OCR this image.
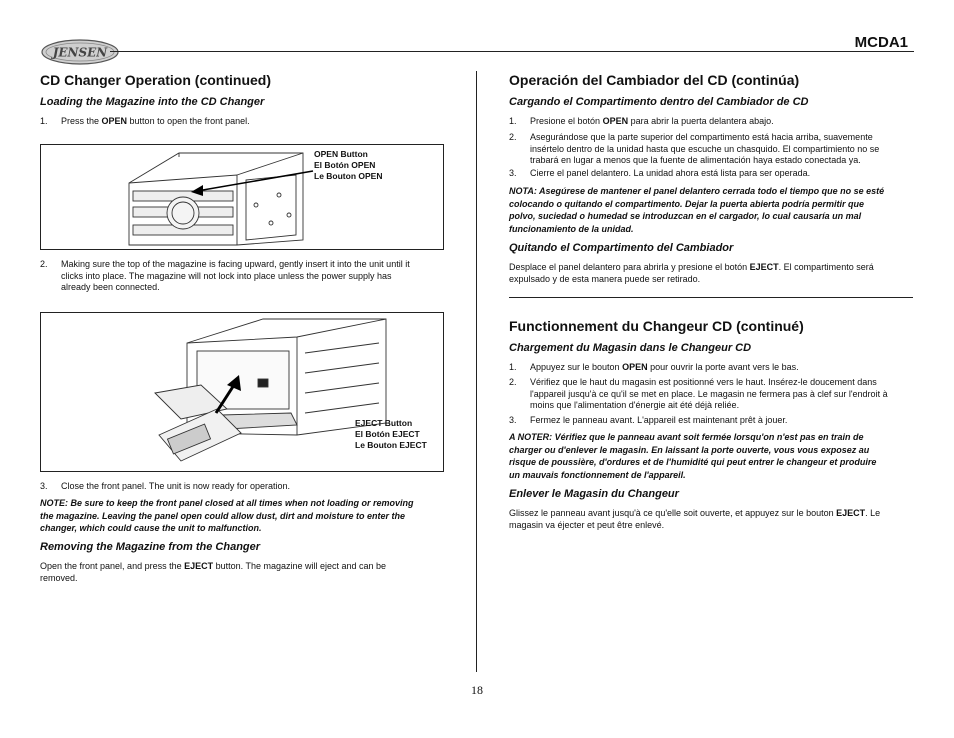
JENSEN
MCDA1
CD Changer Operation (continued)
Loading the Magazine into the CD Changer
1. Press the OPEN button to open the front panel.
OPEN Button
El Botón OPEN
Le Bouton OPEN
2. Making sure the top of the magazine is facing upward, gently insert it into the unit until it
clicks into place. The magazine will not lock into place unless the power supply has
already been connected.
EJECT Button
El Botón EJECT
Le Bouton EJECT
3. Close the front panel. The unit is now ready for operation.
NOTE: Be sure to keep the front panel closed at all times when not loading or removing
the magazine. Leaving the panel open could allow dust, dirt and moisture to enter the
changer, which could cause the unit to malfunction.
Removing the Magazine from the Changer
Open the front panel, and press the EJECT button. The magazine will eject and can be
removed.
Operación del Cambiador del CD (continúa)
Cargando el Compartimento dentro del Cambiador de CD
1. Presione el botón OPEN para abrir la puerta delantera abajo.
2. Asegurándose que la parte superior del compartimento está hacia arriba, suavemente
insértelo dentro de la unidad hasta que escuche un chasquido. El compartimiento no se
trabará en lugar a menos que la fuente de alimentación haya estado conectada ya.
3. Cierre el panel delantero. La unidad ahora está lista para ser operada.
NOTA: Asegúrese de mantener el panel delantero cerrada todo el tiempo que no se esté
colocando o quitando el compartimento. Dejar la puerta abierta podría permitir que
polvo, suciedad o humedad se introduzcan en el cargador, lo cual causaría un mal
funcionamiento de la unidad.
Quitando el Compartimento del Cambiador
Desplace el panel delantero para abrirla y presione el botón EJECT. El compartimento será
expulsado y de esta manera puede ser retirado.
Functionnement du Changeur CD (continué)
Chargement du Magasin dans le Changeur CD
1. Appuyez sur le bouton OPEN pour ouvrir la porte avant vers le bas.
2. Vérifiez que le haut du magasin est positionné vers le haut. Insérez-le doucement dans
l'appareil jusqu'à ce qu'il se met en place. Le magasin ne fermera pas à clef sur l'endroit à
moins que l'alimentation d'énergie ait été déjà reliée.
3. Fermez le panneau avant. L'appareil est maintenant prêt à jouer.
A NOTER: Vérifiez que le panneau avant soit fermée lorsqu'on n'est pas en train de
charger ou d'enlever le magasin. En laissant la porte ouverte, vous vous exposez au
risque de poussière, d'ordures et de l'humidité qui peut entrer le changeur et produire
un mauvais fonctionnement de l'appareil.
Enlever le Magasin du Changeur
Glissez le panneau avant jusqu'à ce qu'elle soit ouverte, et appuyez sur le bouton EJECT. Le
magasin va éjecter et peut être enlevé.
18
